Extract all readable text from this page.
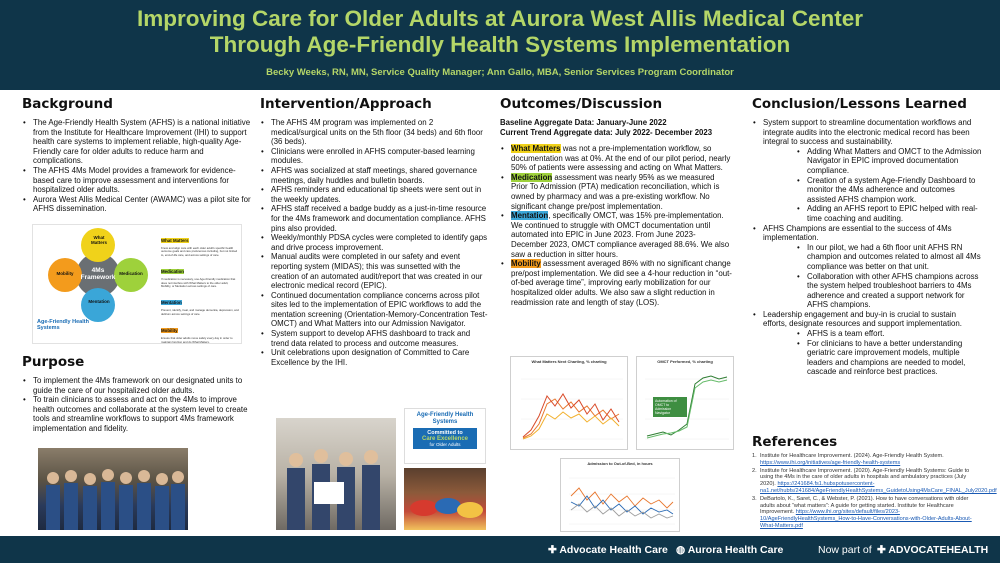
Improving Care for Older Adults at Aurora West Allis Medical Center
Through Age-Friendly Health Systems Implementation
Becky Weeks, RN, MN, Service Quality Manager; Ann Gallo, MBA, Senior Services Program Coordinator
Background
• The Age-Friendly Health System (AFHS) is a national initiative from the Institute for Healthcare Improvement (IHI) to support health care systems to implement reliable, high-quality Age-Friendly care for older adults to reduce harm and complications.
• The AFHS 4Ms Model provides a framework for evidence-based care to improve assessment and interventions for hospitalized older adults.
• Aurora West Allis Medical Center (AWAMC) was a pilot site for AFHS dissemination.
4Ms Framework
What Matters
Medication
Mentation
Mobility
Age-Friendly Health Systems
What Matters
Know and align care with each older adult's specific health outcome goals and care preferences including, but not limited to, end-of-life care, and across settings of care.
Medication
If medication is necessary, use Age-Friendly medication that does not interfere with What Matters to the older adult, Mobility, or Mentation across settings of care.
Mentation
Prevent, identify, treat, and manage dementia, depression, and delirium across settings of care.
Mobility
Ensure that older adults move safely every day in order to maintain function and do What Matters.
Purpose
• To implement the 4Ms framework on our designated units to guide the care of our hospitalized older adults.
• To train clinicians to assess and act on the 4Ms to improve health outcomes and collaborate at the system level to create tools and streamline workflows to support 4Ms framework implementation and fidelity.
Intervention/Approach
• The AFHS 4M program was implemented on 2 medical/surgical units on the 5th floor (34 beds) and 6th floor (36 beds).
• Clinicians were enrolled in AFHS computer-based learning modules.
• AFHS was socialized at staff meetings, shared governance meetings, daily huddles and bulletin boards.
• AFHS reminders and educational tip sheets were sent out in the weekly updates.
• AFHS staff received a badge buddy as a just-in-time resource for the 4Ms framework and documentation compliance. AFHS pins also provided.
• Weekly/monthly PDSA cycles were completed to identify gaps and drive process improvement.
• Manual audits were completed in our safety and event reporting system (MIDAS); this was sunsetted with the creation of an automated audit/report that was created in our electronic medical record (EPIC).
• Continued documentation compliance concerns across pilot sites led to the implementation of EPIC workflows to add the mentation screening (Orientation-Memory-Concentration Test- OMCT) and What Matters into our Admission Navigator.
• System support to develop AFHS dashboard to track and trend data related to process and outcome measures.
• Unit celebrations upon designation of Committed to Care Excellence by the IHI.
Age-Friendly Health Systems
Committed to
Care Excellence
for Older Adults
Outcomes/Discussion
Baseline Aggregate Data: January-June 2022
Current Trend Aggregate data: July 2022- December 2023
• What Matters was not a pre-implementation workflow, so documentation was at 0%. At the end of our pilot period, nearly 50% of patients were assessing and acting on What Matters.
• Medication assessment was nearly 95% as we measured Prior To Admission (PTA) medication reconciliation, which is owned by pharmacy and was a pre-existing workflow. No significant change pre/post implementation.
• Mentation, specifically OMCT, was 15% pre-implementation. We continued to struggle with OMCT documentation until automated into EPIC in June 2023. From June 2023-December 2023, OMCT compliance averaged 88.6%. We also saw a reduction in sitter hours.
• Mobility assessment averaged 86% with no significant change pre/post implementation. We did see a 4-hour reduction in “out-of-bed average time”, improving early mobilization for our hospitalized older adults. We also saw a slight reduction in readmission rate and length of stay (LOS).
What Matters Next Charting, % charting	OMCT Performed, % charting
Automation of OMCT to Admission Navigator
Admission to Out-of-Bed, in hours
Conclusion/Lessons Learned
• System support to streamline documentation workflows and integrate audits into the electronic medical record has been integral to success and sustainability.
• Adding What Matters and OMCT to the Admission Navigator in EPIC improved documentation compliance.
• Creation of a system Age-Friendly Dashboard to monitor the 4Ms adherence and outcomes assisted AFHS champion work.
• Adding an AFHS report to EPIC helped with real-time coaching and auditing.
• AFHS Champions are essential to the success of 4Ms implementation.
• In our pilot, we had a 6th floor unit AFHS RN champion and outcomes related to almost all 4Ms compliance was better on that unit.
• Collaboration with other AFHS champions across the system helped troubleshoot barriers to 4Ms adherence and created a support network for AFHS champions.
• Leadership engagement and buy-in is crucial to sustain efforts, designate resources and support implementation.
• AFHS is a team effort.
• For clinicians to have a better understanding geriatric care improvement models, multiple leaders and champions are needed to model, cascade and reinforce best practices.
References
1. Institute for Healthcare Improvement. (2024). Age-Friendly Health System. https://www.ihi.org/initiatives/age-friendly-health-systems
2. Institute for Healthcare Improvement. (2020). Age-Friendly Health Systems: Guide to using the 4Ms in the care of older adults in hospitals and ambulatory practices (July 2020). https://241684.fs1.hubspotusercontent-na1.net/hubfs/241684/AgeFriendlyHealthSystems_GuidetoUsing4MsCare_FINAL_July2020.pdf
3. DeBartolo, K., Saret, C., & Webster, P. (2021). How to have conversations with older adults about “what matters”: A guide for getting started. Institute for Healthcare Improvement. https://www.ihi.org/sites/default/files/2023-10/AgeFriendlyHealthSystems_How-to-Have-Conversations-with-Older-Adults-About-What-Matters.pdf
✚ Advocate Health Care ◍ Aurora Health Care	Now part of ✚ ADVOCATEHEALTH
